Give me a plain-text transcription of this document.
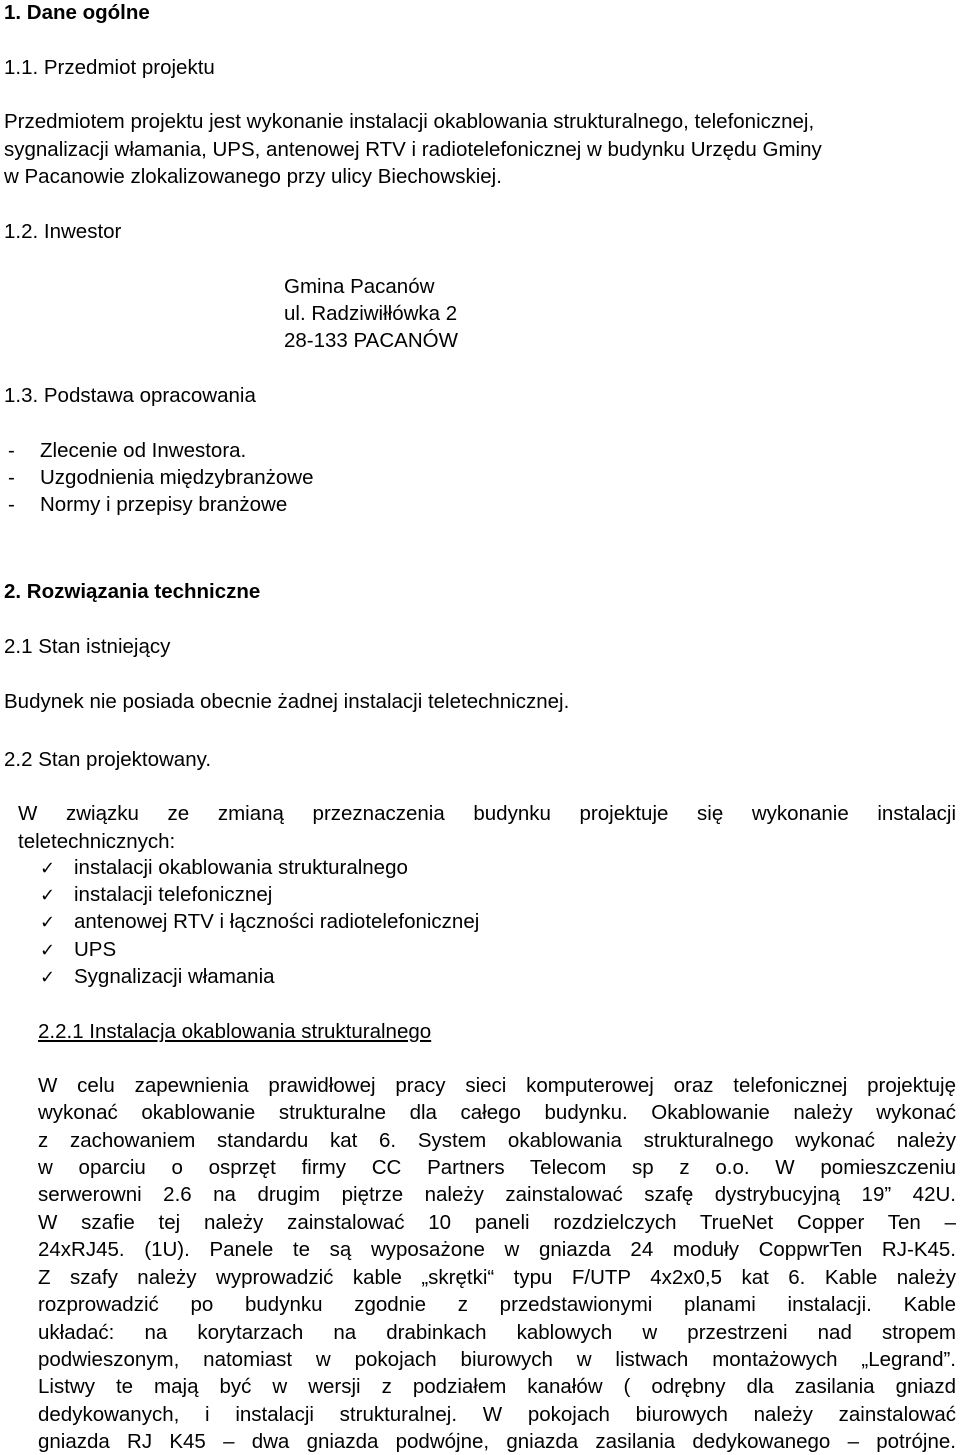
1. Dane ogólne

1.1. Przedmiot projektu

Przedmiotem projektu jest wykonanie instalacji okablowania strukturalnego, telefonicznej,

sygnalizacji włamania, UPS, antenowej RTV i radiotelefonicznej w budynku Urzędu Gminy

w Pacanowie zlokalizowanego przy ulicy Biechowskiej.

1.2. Inwestor

Gmina Pacanów

ul. Radziwiłłówka 2

28-133 PACANÓW

1.3. Podstawa opracowania

- Zlecenie od Inwestora.

- Uzgodnienia międzybranżowe

- Normy i przepisy branżowe

2. Rozwiązania techniczne

2.1 Stan istniejący

Budynek nie posiada obecnie żadnej instalacji teletechnicznej.

2.2 Stan projektowany.

W związku ze zmianą przeznaczenia budynku projektuje się wykonanie instalacji

teletechnicznych:

✓ instalacji okablowania strukturalnego

✓ instalacji telefonicznej

✓ antenowej RTV i łączności radiotelefonicznej

✓ UPS

✓ Sygnalizacji włamania

2.2.1 Instalacja okablowania strukturalnego

W celu zapewnienia prawidłowej pracy sieci komputerowej oraz telefonicznej projektuję

wykonać okablowanie strukturalne dla całego budynku. Okablowanie należy wykonać

z zachowaniem standardu kat 6. System okablowania strukturalnego wykonać należy

w oparciu o osprzęt firmy CC Partners Telecom sp z o.o. W pomieszczeniu

serwerowni 2.6 na drugim piętrze należy zainstalować szafę dystrybucyjną 19” 42U.

W szafie tej należy zainstalować 10 paneli rozdzielczych TrueNet Copper Ten –

24xRJ45. (1U). Panele te są wyposażone w gniazda 24 moduły CoppwrTen RJ-K45.

Z szafy należy wyprowadzić kable „skrętki“ typu F/UTP 4x2x0,5 kat 6. Kable należy

rozprowadzić po budynku zgodnie z przedstawionymi planami instalacji. Kable

układać: na korytarzach na drabinkach kablowych w przestrzeni nad stropem

podwieszonym, natomiast w pokojach biurowych w listwach montażowych „Legrand”.

Listwy te mają być w wersji z podziałem kanałów ( odrębny dla zasilania gniazd

dedykowanych, i instalacji strukturalnej. W pokojach biurowych należy zainstalować

gniazda RJ K45 – dwa gniazda podwójne, gniazda zasilania dedykowanego – potrójne.
